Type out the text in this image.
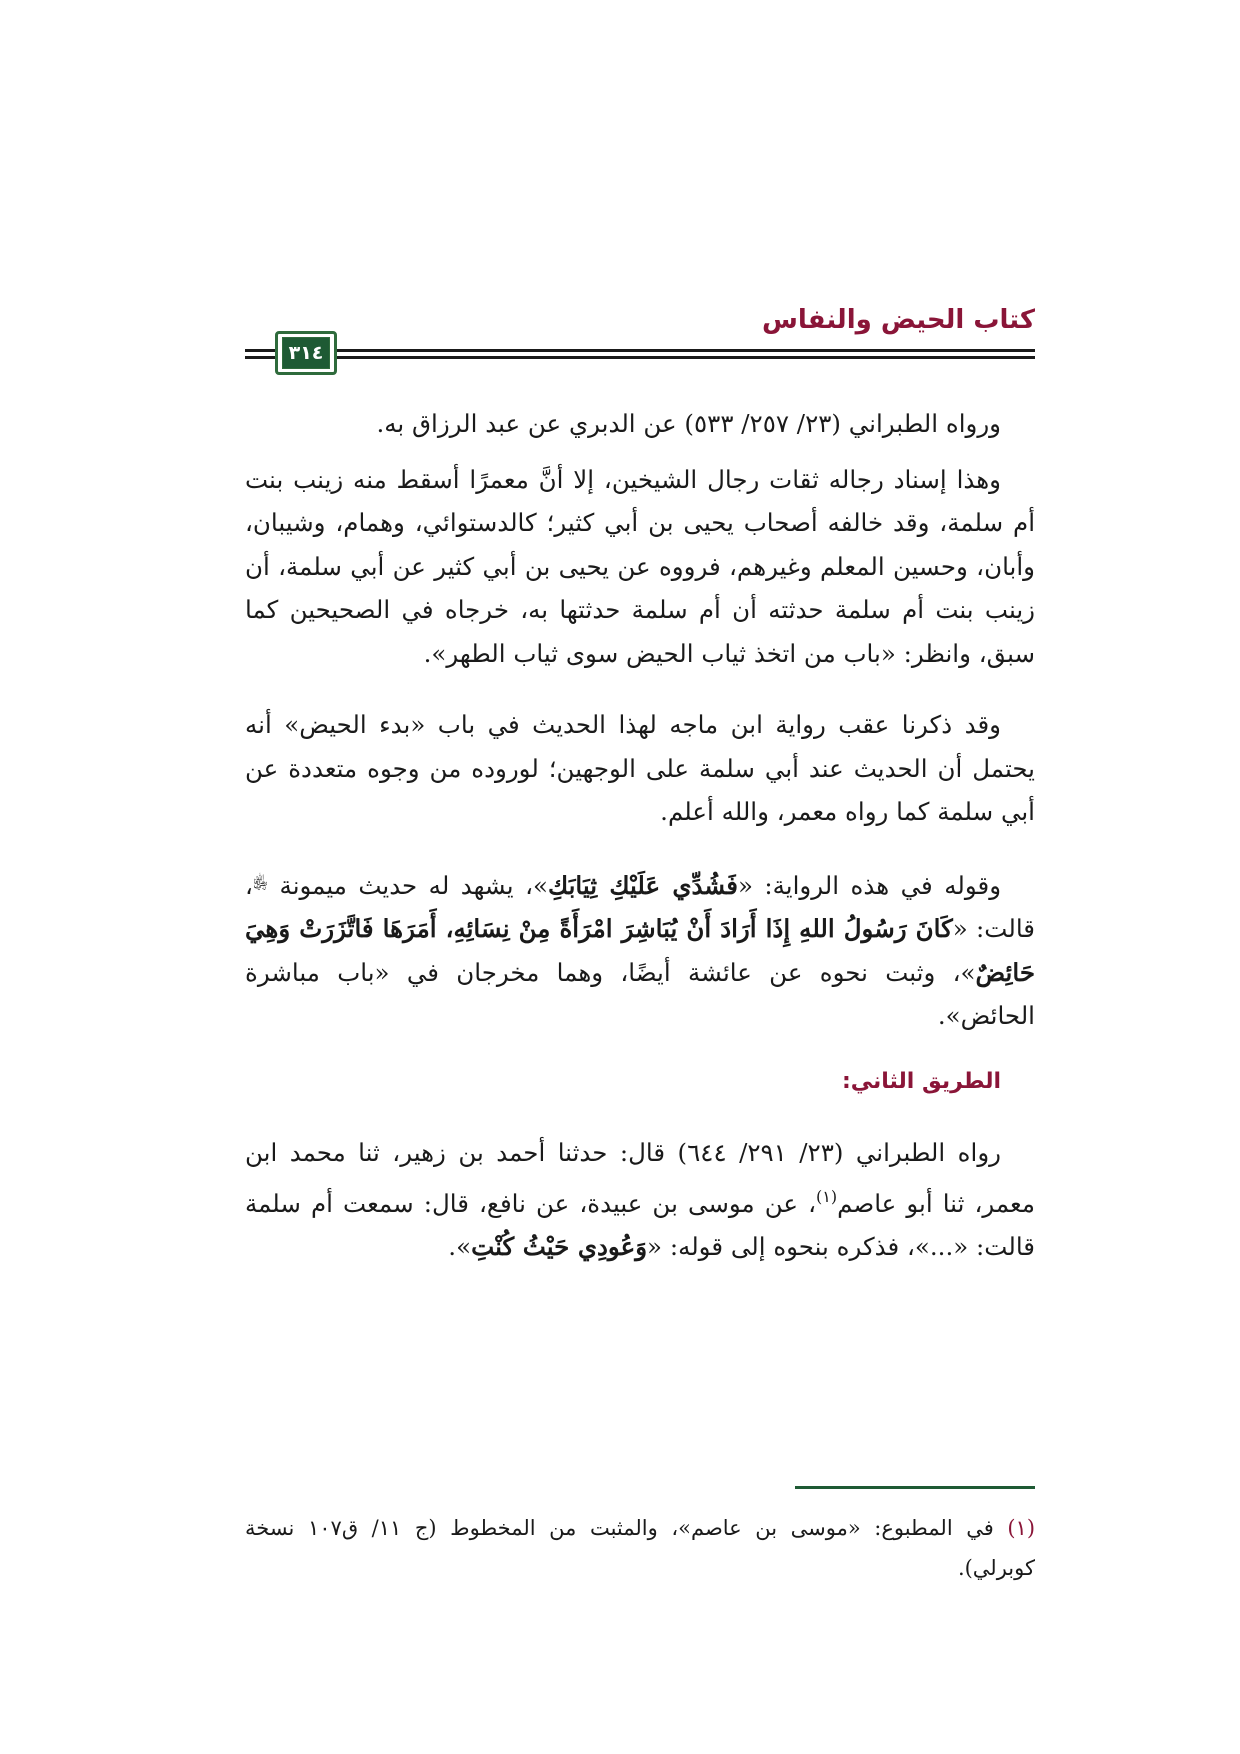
كتاب الحيض والنفاس
٣١٤

ورواه الطبراني (٢٣/ ٢٥٧/ ٥٣٣) عن الدبري عن عبد الرزاق به.

وهذا إسناد رجاله ثقات رجال الشيخين، إلا أنَّ معمرًا أسقط منه زينب بنت أم سلمة، وقد خالفه أصحاب يحيى بن أبي كثير؛ كالدستوائي، وهمام، وشيبان، وأبان، وحسين المعلم وغيرهم، فرووه عن يحيى بن أبي كثير عن أبي سلمة، أن زينب بنت أم سلمة حدثته أن أم سلمة حدثتها به، خرجاه في الصحيحين كما سبق، وانظر: «باب من اتخذ ثياب الحيض سوى ثياب الطهر».

وقد ذكرنا عقب رواية ابن ماجه لهذا الحديث في باب «بدء الحيض» أنه يحتمل أن الحديث عند أبي سلمة على الوجهين؛ لوروده من وجوه متعددة عن أبي سلمة كما رواه معمر، والله أعلم.

وقوله في هذه الرواية: «فَشُدِّي عَلَيْكِ ثِيَابَكِ»، يشهد له حديث ميمونة ﵂، قالت: «كَانَ رَسُولُ اللهِ إِذَا أَرَادَ أَنْ يُبَاشِرَ امْرَأَةً مِنْ نِسَائِهِ، أَمَرَهَا فَاتَّزَرَتْ وَهِيَ حَائِضٌ»، وثبت نحوه عن عائشة أيضًا، وهما مخرجان في «باب مباشرة الحائض».

الطريق الثاني:

رواه الطبراني (٢٣/ ٢٩١/ ٦٤٤) قال: حدثنا أحمد بن زهير، ثنا محمد ابن معمر، ثنا أبو عاصم$^{(١)}$، عن موسى بن عبيدة، عن نافع، قال: سمعت أم سلمة قالت: «...»، فذكره بنحوه إلى قوله: «وَعُودِي حَيْثُ كُنْتِ».

(١) في المطبوع: «موسى بن عاصم»، والمثبت من المخطوط (ج ١١/ ق١٠٧ نسخة كوبرلي).
